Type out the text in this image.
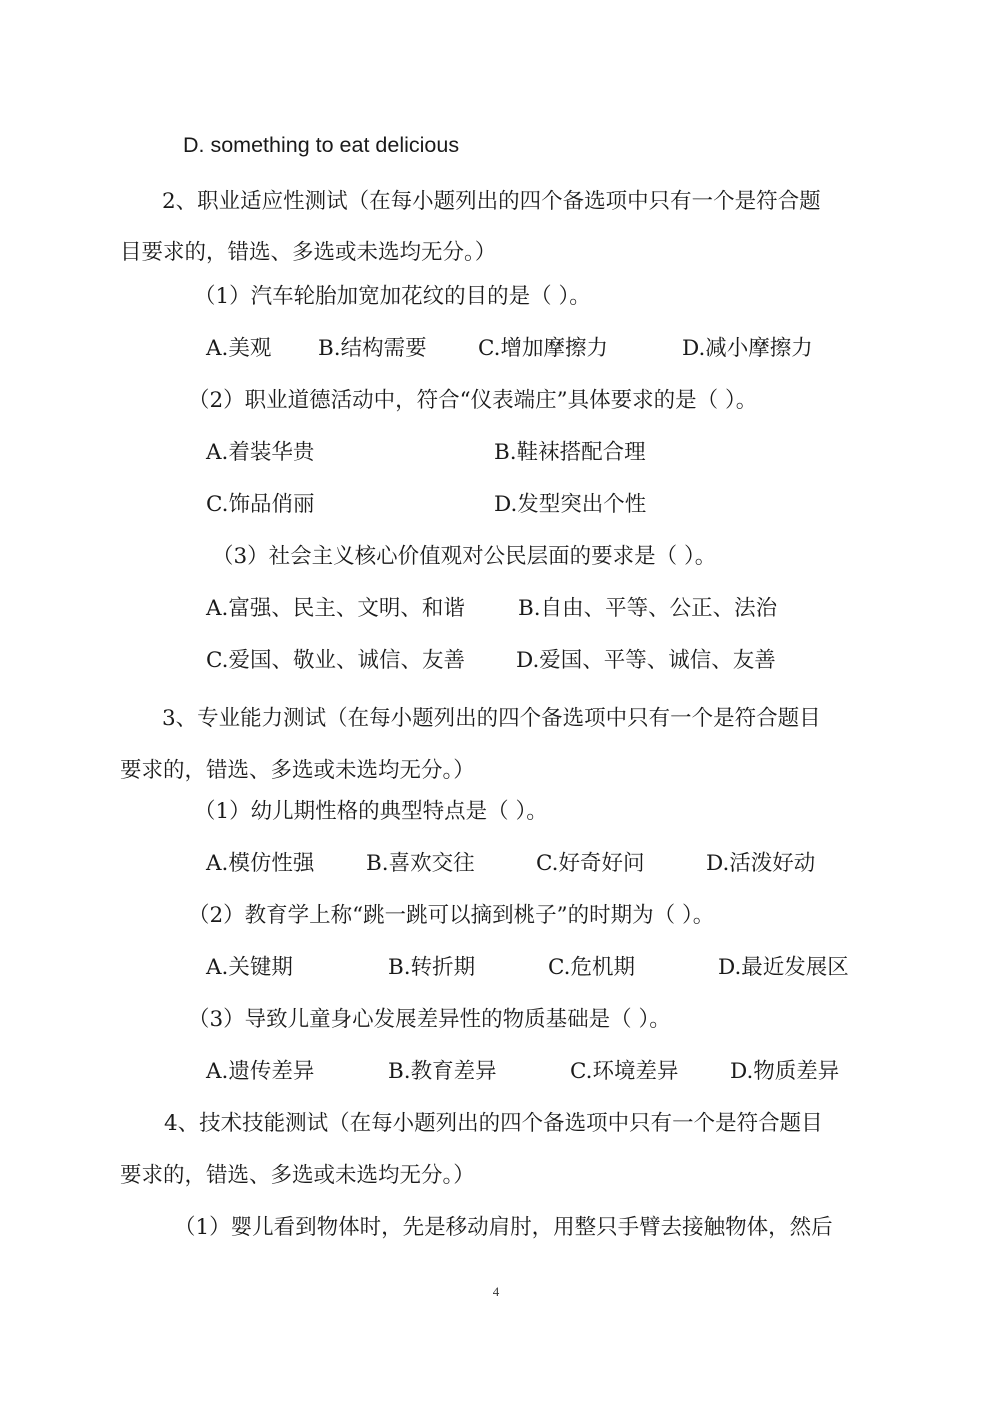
D. something to eat delicious
2、职业适应性测试（在每小题列出的四个备选项中只有一个是符合题
目要求的，错选、多选或未选均无分。）
（1）汽车轮胎加宽加花纹的目的是（ ）。
A.美观 B.结构需要 C.增加摩擦力	D.减小摩擦力
（2）职业道德活动中，符合“仪表端庄”具体要求的是（ ）。
A.着装华贵	B.鞋袜搭配合理
C.饰品俏丽	D.发型突出个性
（3）社会主义核心价值观对公民层面的要求是（ ）。
A.富强、民主、文明、和谐 B.自由、平等、公正、法治
C.爱国、敬业、诚信、友善 D.爱国、平等、诚信、友善
3、专业能力测试（在每小题列出的四个备选项中只有一个是符合题目
要求的，错选、多选或未选均无分。）
（1）幼儿期性格的典型特点是（ ）。
A.模仿性强 B.喜欢交往	C.好奇好问	D.活泼好动
（2）教育学上称“跳一跳可以摘到桃子”的时期为（ ）。
A.关键期	B.转折期	C.危机期	D.最近发展区
（3）导致儿童身心发展差异性的物质基础是（ ）。
A.遗传差异	B.教育差异	C.环境差异 D.物质差异
4、技术技能测试（在每小题列出的四个备选项中只有一个是符合题目
要求的，错选、多选或未选均无分。）
（1）婴儿看到物体时，先是移动肩肘，用整只手臂去接触物体，然后
4
